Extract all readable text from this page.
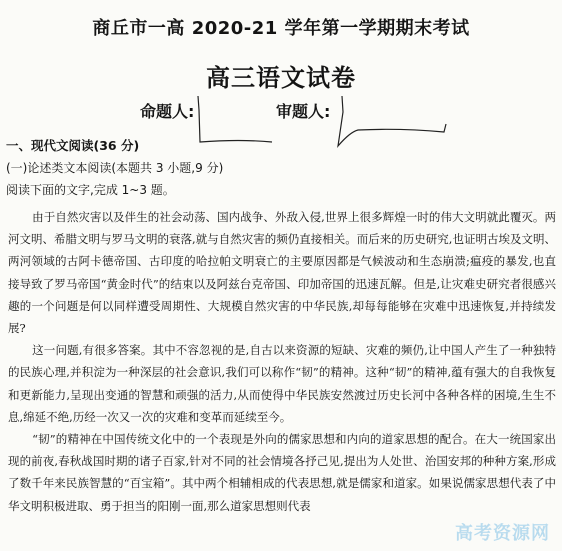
商丘市一高 2020-21 学年第一学期期末考试
高三语文试卷
命题人:	审题人:
一、现代文阅读(36 分)
(一)论述类文本阅读(本题共 3 小题,9 分)
阅读下面的文字,完成 1~3 题。

由于自然灾害以及伴生的社会动荡、国内战争、外敌入侵,世界上很多辉煌一时的伟大文明就此覆灭。两河文明、希腊文明与罗马文明的衰落,就与自然灾害的频仍直接相关。而后来的历史研究,也证明古埃及文明、两河领域的古阿卡德帝国、古印度的哈拉帕文明衰亡的主要原因都是气候波动和生态崩溃;瘟疫的暴发,也直接导致了罗马帝国“黄金时代”的结束以及阿兹台克帝国、印加帝国的迅速瓦解。但是,让灾难史研究者很感兴趣的一个问题是何以同样遭受周期性、大规模自然灾害的中华民族,却每每能够在灾难中迅速恢复,并持续发展?

这一问题,有很多答案。其中不容忽视的是,自古以来资源的短缺、灾难的频仍,让中国人产生了一种独特的民族心理,并积淀为一种深层的社会意识,我们可以称作“韧”的精神。这种“韧”的精神,蕴有强大的自我恢复和更新能力,呈现出变通的智慧和顽强的活力,从而使得中华民族安然渡过历史长河中各种各样的困境,生生不息,绵延不绝,历经一次又一次的灾难和变革而延续至今。

“韧”的精神在中国传统文化中的一个表现是外向的儒家思想和内向的道家思想的配合。在大一统国家出现的前夜,春秋战国时期的诸子百家,针对不同的社会情境各抒己见,提出为人处世、治国安邦的种种方案,形成了数千年来民族智慧的“百宝箱”。其中两个相辅相成的代表思想,就是儒家和道家。如果说儒家思想代表了中华文明积极进取、勇于担当的阳刚一面,那么道家思想则代表

高考资源网
